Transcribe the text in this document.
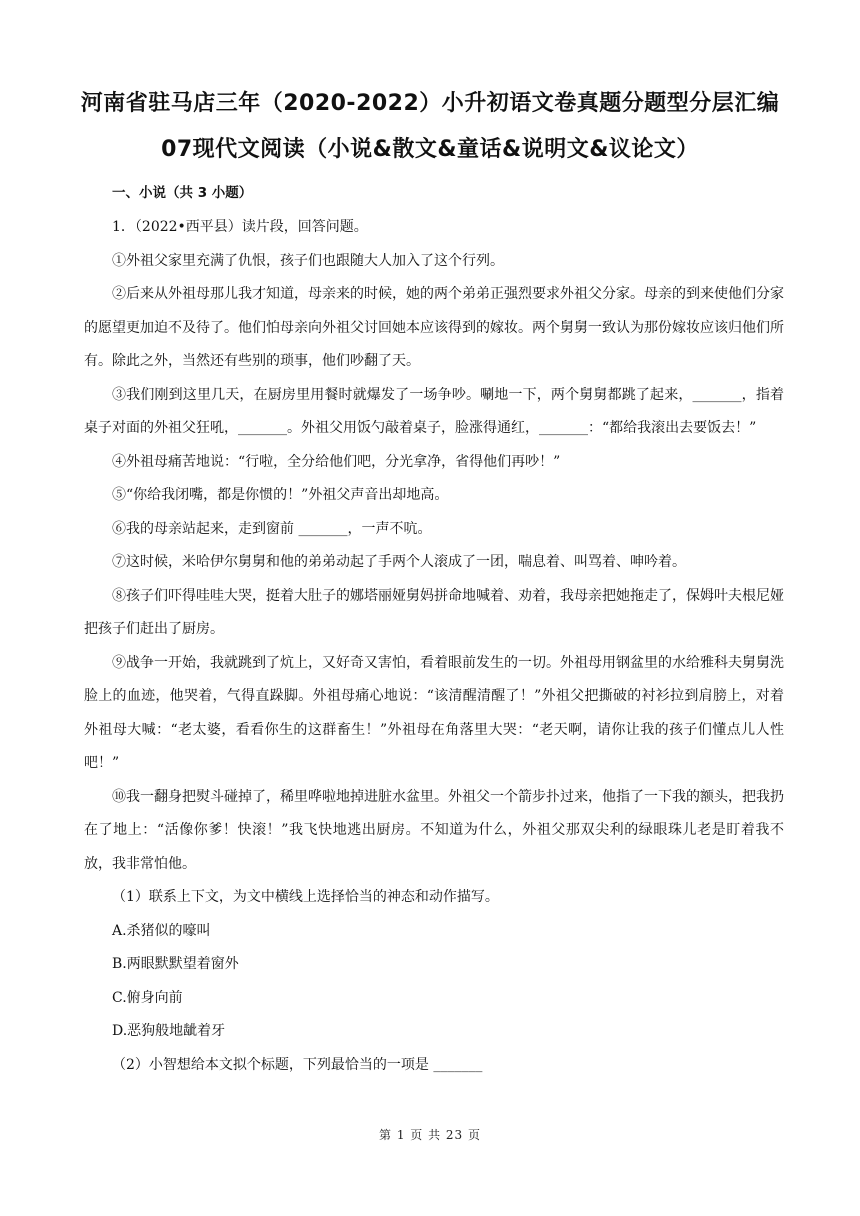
河南省驻马店三年（2020-2022）小升初语文卷真题分题型分层汇编
07现代文阅读（小说&散文&童话&说明文&议论文）
一、小说（共 3 小题）

1．（2022•西平县）读片段，回答问题。

①外祖父家里充满了仇恨，孩子们也跟随大人加入了这个行列。

②后来从外祖母那儿我才知道，母亲来的时候，她的两个弟弟正强烈要求外祖父分家。母亲的到来使他们分家的愿望更加迫不及待了。他们怕母亲向外祖父讨回她本应该得到的嫁妆。两个舅舅一致认为那份嫁妆应该归他们所有。除此之外，当然还有些别的琐事，他们吵翻了天。

③我们刚到这里几天，在厨房里用餐时就爆发了一场争吵。唰地一下，两个舅舅都跳了起来，_______，指着桌子对面的外祖父狂吼，_______。外祖父用饭勺敲着桌子，脸涨得通红，_______：“都给我滚出去要饭去！”

④外祖母痛苦地说：“行啦，全分给他们吧，分光拿净，省得他们再吵！”

⑤“你给我闭嘴，都是你惯的！”外祖父声音出却地高。

⑥我的母亲站起来，走到窗前 _______，一声不吭。

⑦这时候，米哈伊尔舅舅和他的弟弟动起了手两个人滚成了一团，喘息着、叫骂着、呻吟着。

⑧孩子们吓得哇哇大哭，挺着大肚子的娜塔丽娅舅妈拼命地喊着、劝着，我母亲把她拖走了，保姆叶夫根尼娅把孩子们赶出了厨房。

⑨战争一开始，我就跳到了炕上，又好奇又害怕，看着眼前发生的一切。外祖母用钢盆里的水给雅科夫舅舅洗脸上的血迹，他哭着，气得直跺脚。外祖母痛心地说：“该清醒清醒了！”外祖父把撕破的衬衫拉到肩膀上，对着外祖母大喊：“老太婆，看看你生的这群畜生！”外祖母在角落里大哭：“老天啊，请你让我的孩子们懂点儿人性吧！”

⑩我一翻身把熨斗碰掉了，稀里哗啦地掉进脏水盆里。外祖父一个箭步扑过来，他指了一下我的额头，把我扔在了地上：“活像你爹！快滚！”我飞快地逃出厨房。不知道为什么，外祖父那双尖利的绿眼珠儿老是盯着我不放，我非常怕他。

（1）联系上下文，为文中横线上选择恰当的神态和动作描写。

A.杀猪似的嚎叫

B.两眼默默望着窗外

C.俯身向前

D.恶狗般地龇着牙

（2）小智想给本文拟个标题，下列最恰当的一项是 _______

第 1 页 共 23 页
